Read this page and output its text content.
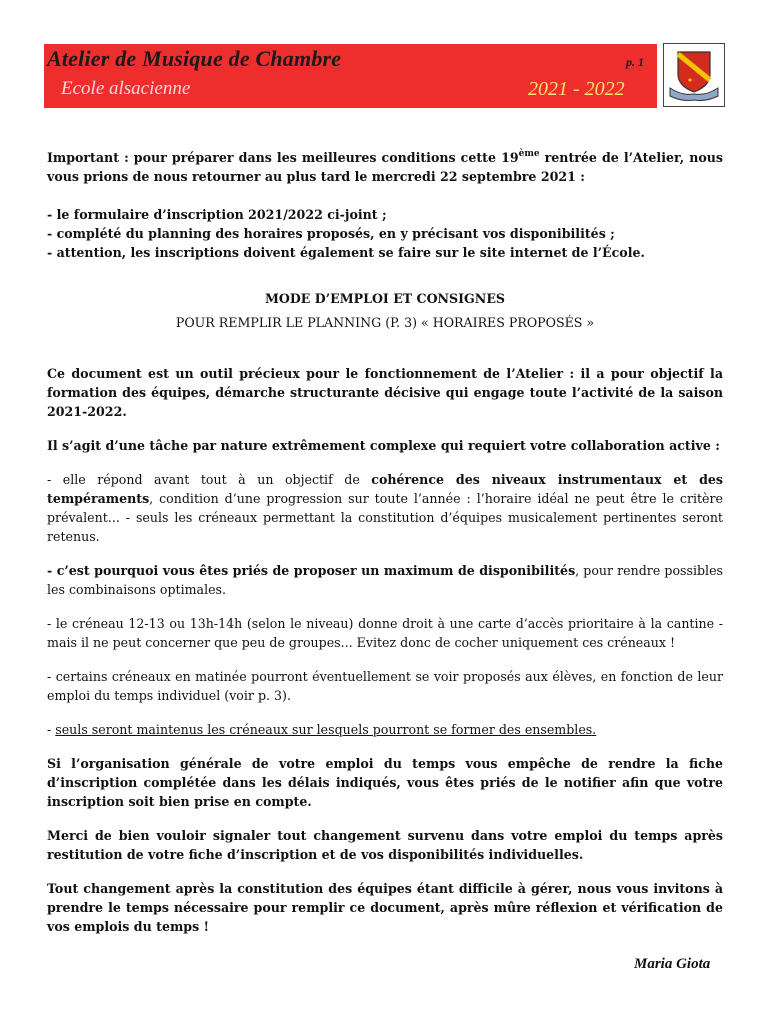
Atelier de Musique de Chambre	p. 1
Ecole alsacienne	2021 - 2022

Important : pour préparer dans les meilleures conditions cette 19ème rentrée de l’Atelier, nous vous prions de nous retourner au plus tard le mercredi 22 septembre 2021 :

- le formulaire d’inscription 2021/2022 ci-joint ;

- complété du planning des horaires proposés, en y précisant vos disponibilités ;

- attention, les inscriptions doivent également se faire sur le site internet de l’École.

MODE D’EMPLOI ET CONSIGNES

POUR REMPLIR LE PLANNING (P. 3) « HORAIRES PROPOSÉS »

Ce document est un outil précieux pour le fonctionnement de l’Atelier : il a pour objectif la formation des équipes, démarche structurante décisive qui engage toute l’activité de la saison 2021-2022.

Il s’agit d’une tâche par nature extrêmement complexe qui requiert votre collaboration active :

- elle répond avant tout à un objectif de cohérence des niveaux instrumentaux et des tempéraments, condition d’une progression sur toute l’année : l’horaire idéal ne peut être le critère prévalent... - seuls les créneaux permettant la constitution d’équipes musicalement pertinentes seront retenus.

- c’est pourquoi vous êtes priés de proposer un maximum de disponibilités, pour rendre possibles les combinaisons optimales.

- le créneau 12-13 ou 13h-14h (selon le niveau) donne droit à une carte d’accès prioritaire à la cantine - mais il ne peut concerner que peu de groupes... Evitez donc de cocher uniquement ces créneaux !

- certains créneaux en matinée pourront éventuellement se voir proposés aux élèves, en fonction de leur emploi du temps individuel (voir p. 3).

- seuls seront maintenus les créneaux sur lesquels pourront se former des ensembles.

Si l’organisation générale de votre emploi du temps vous empêche de rendre la fiche d’inscription complétée dans les délais indiqués, vous êtes priés de le notifier afin que votre inscription soit bien prise en compte.

Merci de bien vouloir signaler tout changement survenu dans votre emploi du temps après restitution de votre fiche d’inscription et de vos disponibilités individuelles.

Tout changement après la constitution des équipes étant difficile à gérer, nous vous invitons à prendre le temps nécessaire pour remplir ce document, après mûre réflexion et vérification de vos emplois du temps !

Maria Giota
